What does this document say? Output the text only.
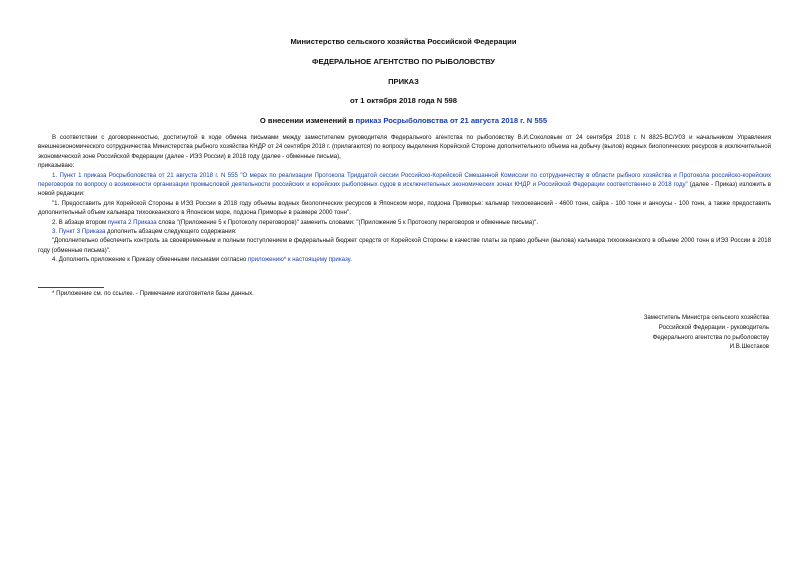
Министерство сельского хозяйства Российской Федерации
ФЕДЕРАЛЬНОЕ АГЕНТСТВО ПО РЫБОЛОВСТВУ
ПРИКАЗ
от 1 октября 2018 года N 598
О внесении изменений в приказ Росрыболовства от 21 августа 2018 г. N 555

В соответствии с договоренностью, достигнутой в ходе обмена письмами между заместителем руководителя Федерального агентства по рыболовству В.И.Соколовым от 24 сентября 2018 г. N 8825-ВС/У03 и начальником Управления внешнеэкономического сотрудничества Министерства рыбного хозяйства КНДР от 24 сентября 2018 г. (прилагаются) по вопросу выделения Корейской Стороне дополнительного объема на добычу (вылов) водных биологических ресурсов в исключительной экономической зоне Российской Федерации (далее - ИЭЗ России) в 2018 году (далее - обменные письма),

приказываю:

1. Пункт 1 приказа Росрыболовства от 21 августа 2018 г. N 555 "О мерах по реализации Протокола Тридцатой сессии Российско-Корейской Смешанной Комиссии по сотрудничеству в области рыбного хозяйства и Протокола российско-корейских переговоров по вопросу о возможности организации промысловой деятельности российских и корейских рыболовных судов в исключительных экономических зонах КНДР и Российской Федерации соответственно в 2018 году" (далее - Приказ) изложить в новой редакции:

"1. Предоставить для Корейской Стороны в ИЭЗ России в 2018 году объемы водных биологических ресурсов в Японском море, подзона Приморье: кальмар тихоокеанский - 4600 тонн, сайра - 100 тонн и анчоусы - 100 тонн, а также предоставить дополнительный объем кальмара тихоокеанского в Японском море, подзона Приморье в размере 2000 тонн".

2. В абзаце втором пункта 2 Приказа слова "(Приложение 5 к Протоколу переговоров)" заменить словами: "(Приложение 5 к Протоколу переговоров и обменные письма)".

3. Пункт 3 Приказа дополнить абзацем следующего содержания:

"Дополнительно обеспечить контроль за своевременным и полным поступлением в федеральный бюджет средств от Корейской Стороны в качестве платы за право добычи (вылова) кальмара тихоокеанского в объеме 2000 тонн в ИЭЗ России в 2018 году (обменные письма)".

4. Дополнить приложение к Приказу обменными письмами согласно приложению* к настоящему приказу.

* Приложение см. по ссылке. - Примечание изготовителя базы данных.
Заместитель Министра сельского хозяйства
Российской Федерации - руководитель
Федерального агентства по рыболовству
И.В.Шестаков
